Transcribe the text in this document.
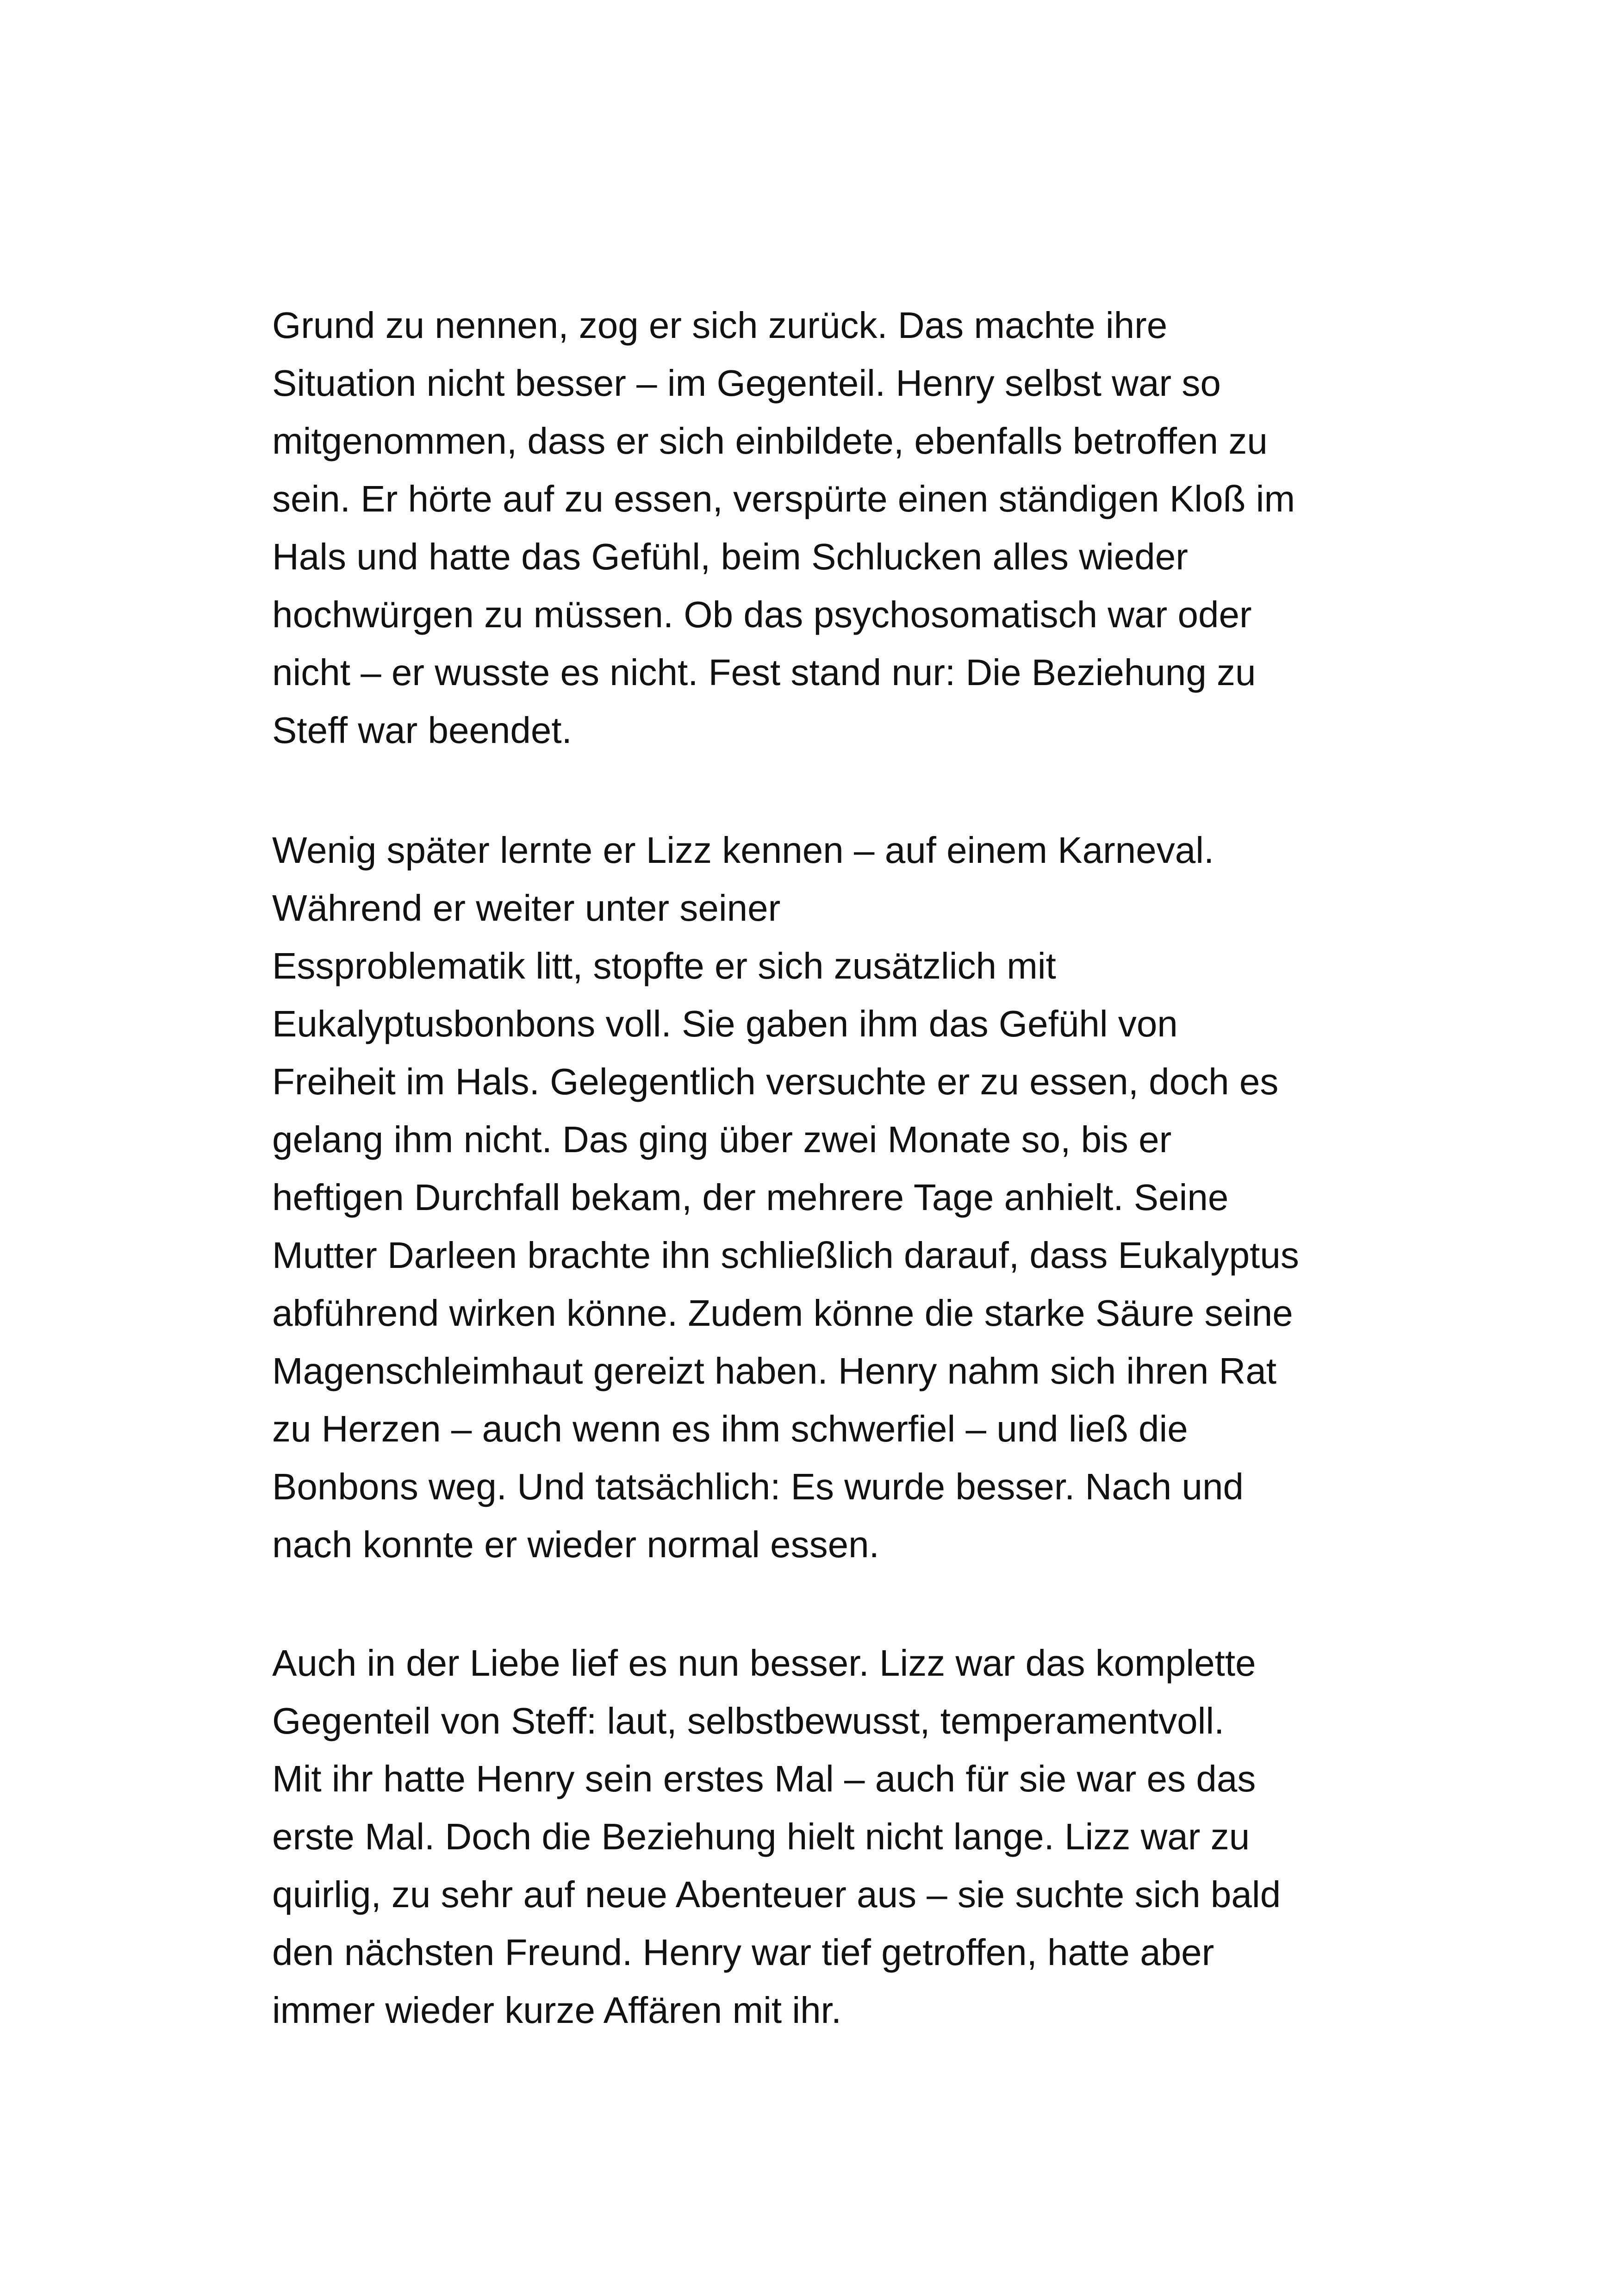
Grund zu nennen, zog er sich zurück. Das machte ihre
Situation nicht besser – im Gegenteil. Henry selbst war so
mitgenommen, dass er sich einbildete, ebenfalls betroffen zu
sein. Er hörte auf zu essen, verspürte einen ständigen Kloß im
Hals und hatte das Gefühl, beim Schlucken alles wieder
hochwürgen zu müssen. Ob das psychosomatisch war oder
nicht – er wusste es nicht. Fest stand nur: Die Beziehung zu
Steff war beendet.
Wenig später lernte er Lizz kennen – auf einem Karneval.
Während er weiter unter seiner
Essproblematik litt, stopfte er sich zusätzlich mit
Eukalyptusbonbons voll. Sie gaben ihm das Gefühl von
Freiheit im Hals. Gelegentlich versuchte er zu essen, doch es
gelang ihm nicht. Das ging über zwei Monate so, bis er
heftigen Durchfall bekam, der mehrere Tage anhielt. Seine
Mutter Darleen brachte ihn schließlich darauf, dass Eukalyptus
abführend wirken könne. Zudem könne die starke Säure seine
Magenschleimhaut gereizt haben. Henry nahm sich ihren Rat
zu Herzen – auch wenn es ihm schwerfiel – und ließ die
Bonbons weg. Und tatsächlich: Es wurde besser. Nach und
nach konnte er wieder normal essen.
Auch in der Liebe lief es nun besser. Lizz war das komplette
Gegenteil von Steff: laut, selbstbewusst, temperamentvoll.
Mit ihr hatte Henry sein erstes Mal – auch für sie war es das
erste Mal. Doch die Beziehung hielt nicht lange. Lizz war zu
quirlig, zu sehr auf neue Abenteuer aus – sie suchte sich bald
den nächsten Freund. Henry war tief getroffen, hatte aber
immer wieder kurze Affären mit ihr.
